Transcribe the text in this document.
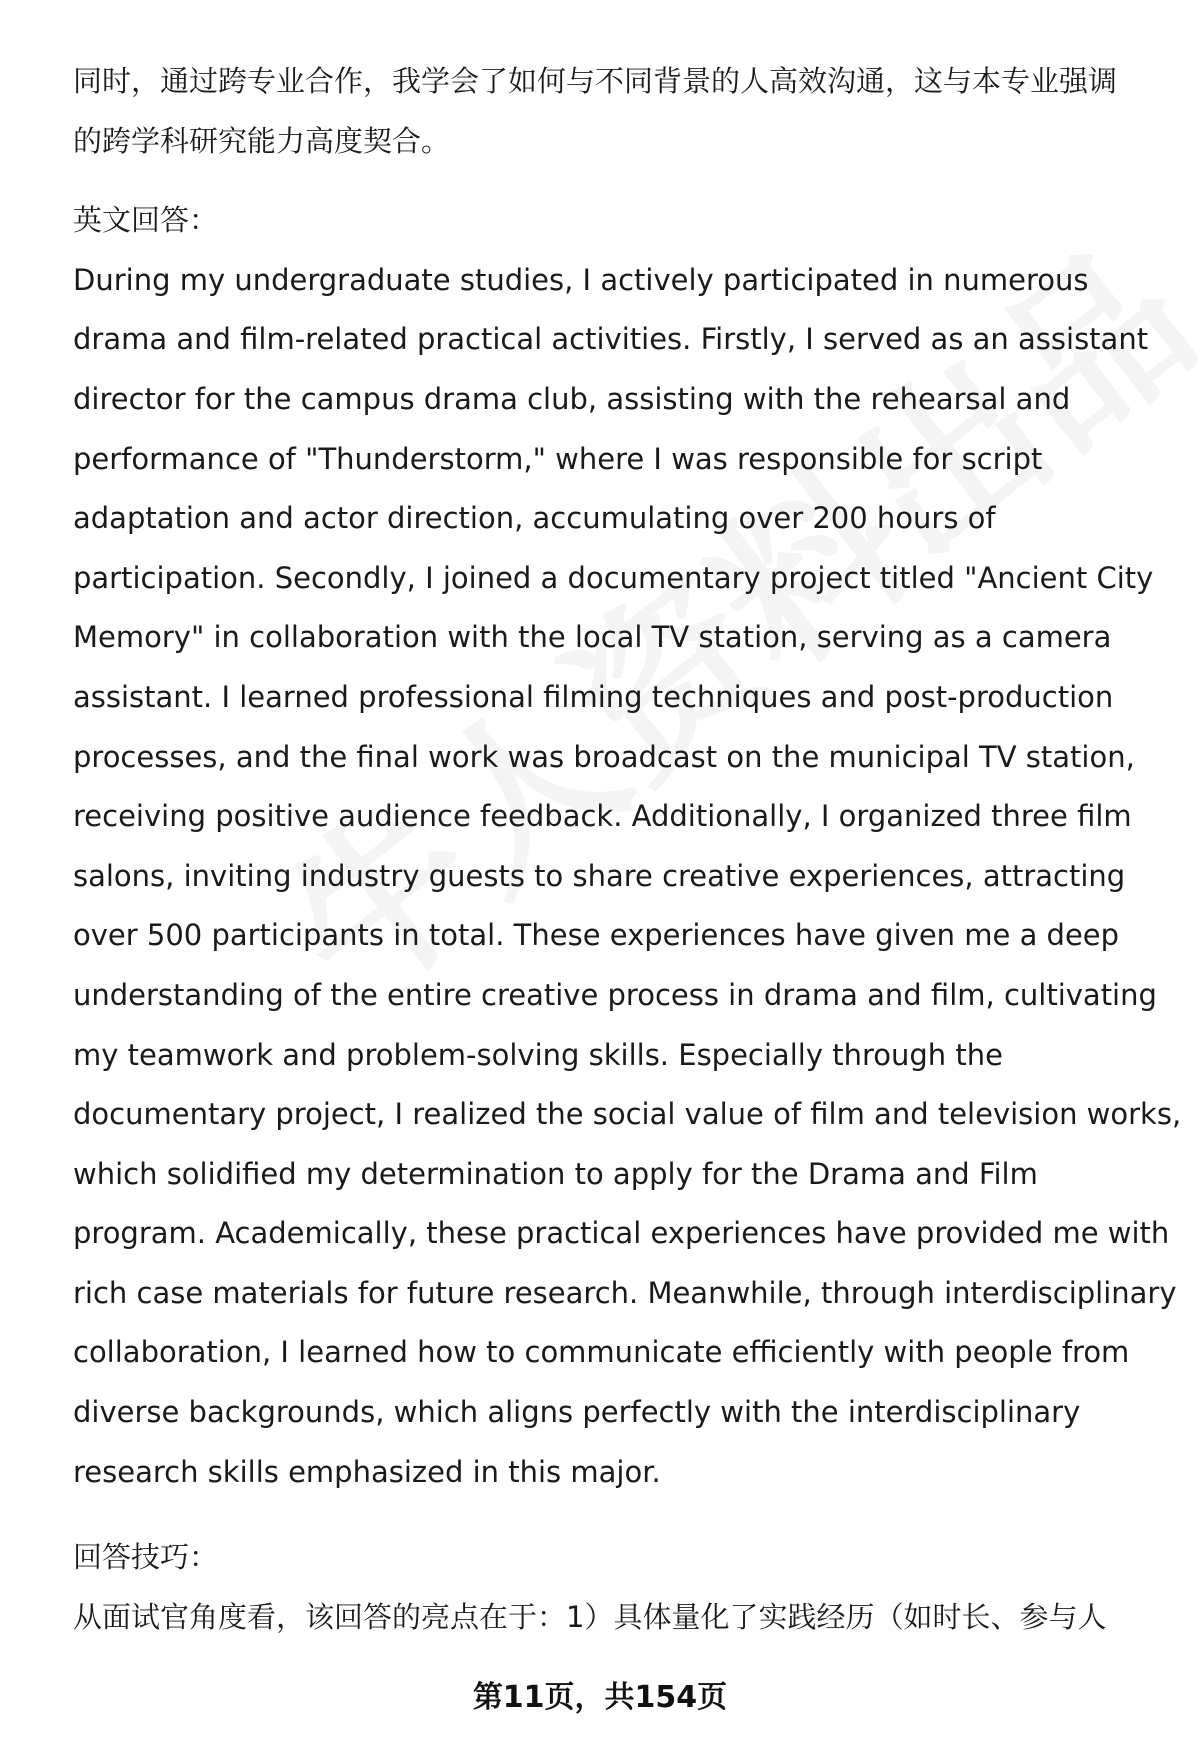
同时，通过跨专业合作，我学会了如何与不同背景的人高效沟通，这与本专业强调

的跨学科研究能力高度契合。

英文回答：

During my undergraduate studies, I actively participated in numerous

drama and film-related practical activities. Firstly, I served as an assistant

director for the campus drama club, assisting with the rehearsal and

performance of "Thunderstorm," where I was responsible for script

adaptation and actor direction, accumulating over 200 hours of

participation. Secondly, I joined a documentary project titled "Ancient City

Memory" in collaboration with the local TV station, serving as a camera

assistant. I learned professional filming techniques and post-production

processes, and the final work was broadcast on the municipal TV station,

receiving positive audience feedback. Additionally, I organized three film

salons, inviting industry guests to share creative experiences, attracting

over 500 participants in total. These experiences have given me a deep

understanding of the entire creative process in drama and film, cultivating

my teamwork and problem-solving skills. Especially through the

documentary project, I realized the social value of film and television works,

which solidified my determination to apply for the Drama and Film

program. Academically, these practical experiences have provided me with

rich case materials for future research. Meanwhile, through interdisciplinary

collaboration, I learned how to communicate efficiently with people from

diverse backgrounds, which aligns perfectly with the interdisciplinary

research skills emphasized in this major.

回答技巧：

从面试官角度看，该回答的亮点在于：1）具体量化了实践经历（如时长、参与人

第11页，共154页
